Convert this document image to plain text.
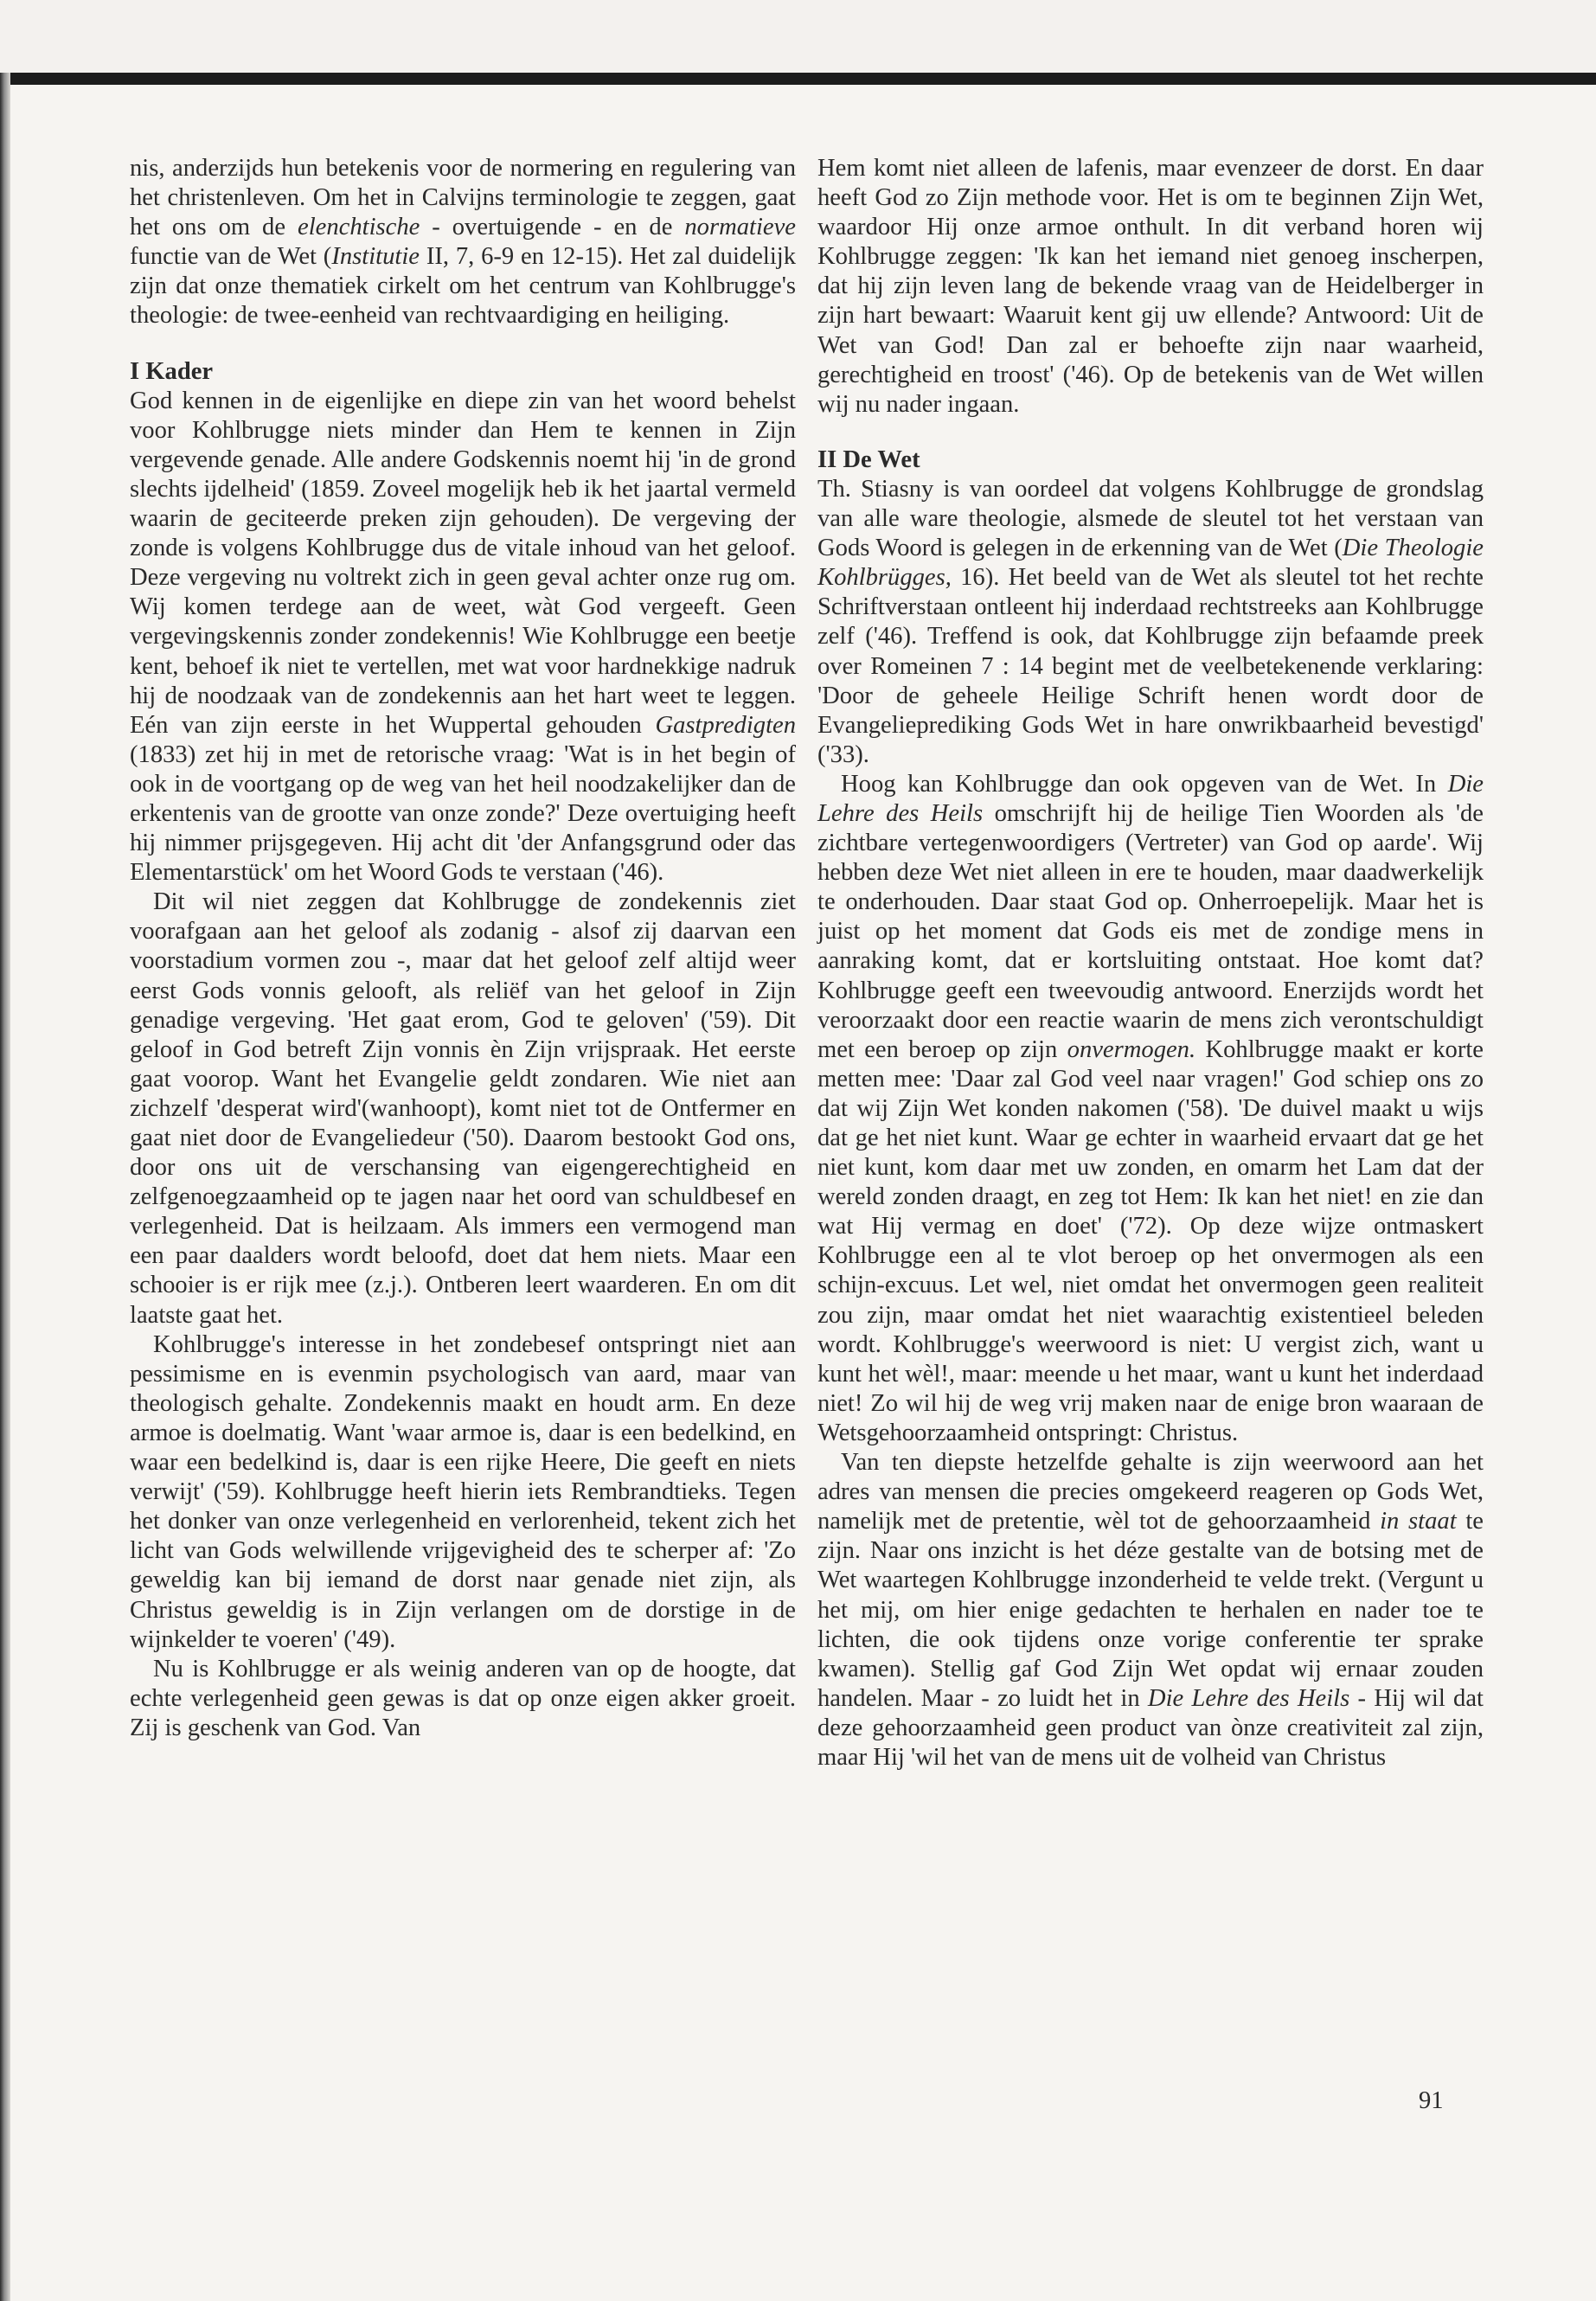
nis, anderzijds hun betekenis voor de normering en regulering van het christenleven. Om het in Calvijns terminologie te zeggen, gaat het ons om de elenchtische - overtuigende - en de normatieve functie van de Wet (Institutie II, 7, 6-9 en 12-15). Het zal duidelijk zijn dat onze thematiek cirkelt om het centrum van Kohlbrugge's theologie: de twee-eenheid van rechtvaardiging en heiliging.

I Kader

God kennen in de eigenlijke en diepe zin van het woord behelst voor Kohlbrugge niets minder dan Hem te kennen in Zijn vergevende genade. Alle andere Godskennis noemt hij 'in de grond slechts ijdelheid' (1859. Zoveel mogelijk heb ik het jaartal vermeld waarin de geciteerde preken zijn gehouden). De vergeving der zonde is volgens Kohlbrugge dus de vitale inhoud van het geloof. Deze vergeving nu voltrekt zich in geen geval achter onze rug om. Wij komen terdege aan de weet, wàt God vergeeft. Geen vergevingskennis zonder zondekennis! Wie Kohlbrugge een beetje kent, behoef ik niet te vertellen, met wat voor hardnekkige nadruk hij de noodzaak van de zondekennis aan het hart weet te leggen. Eén van zijn eerste in het Wuppertal gehouden Gastpredigten (1833) zet hij in met de retorische vraag: 'Wat is in het begin of ook in de voortgang op de weg van het heil noodzakelijker dan de erkentenis van de grootte van onze zonde?' Deze overtuiging heeft hij nimmer prijsgegeven. Hij acht dit 'der Anfangsgrund oder das Elementarstück' om het Woord Gods te verstaan ('46).

Dit wil niet zeggen dat Kohlbrugge de zondekennis ziet voorafgaan aan het geloof als zodanig - alsof zij daarvan een voorstadium vormen zou -, maar dat het geloof zelf altijd weer eerst Gods vonnis gelooft, als reliëf van het geloof in Zijn genadige vergeving. 'Het gaat erom, God te geloven' ('59). Dit geloof in God betreft Zijn vonnis èn Zijn vrijspraak. Het eerste gaat voorop. Want het Evangelie geldt zondaren. Wie niet aan zichzelf 'desperat wird'(wanhoopt), komt niet tot de Ontfermer en gaat niet door de Evangeliedeur ('50). Daarom bestookt God ons, door ons uit de verschansing van eigengerechtigheid en zelfgenoegzaamheid op te jagen naar het oord van schuldbesef en verlegenheid. Dat is heilzaam. Als immers een vermogend man een paar daalders wordt beloofd, doet dat hem niets. Maar een schooier is er rijk mee (z.j.). Ontberen leert waarderen. En om dit laatste gaat het.

Kohlbrugge's interesse in het zondebesef ontspringt niet aan pessimisme en is evenmin psychologisch van aard, maar van theologisch gehalte. Zondekennis maakt en houdt arm. En deze armoe is doelmatig. Want 'waar armoe is, daar is een bedelkind, en waar een bedelkind is, daar is een rijke Heere, Die geeft en niets verwijt' ('59). Kohlbrugge heeft hierin iets Rembrandtieks. Tegen het donker van onze verlegenheid en verlorenheid, tekent zich het licht van Gods welwillende vrijgevigheid des te scherper af: 'Zo geweldig kan bij iemand de dorst naar genade niet zijn, als Christus geweldig is in Zijn verlangen om de dorstige in de wijnkelder te voeren' ('49).

Nu is Kohlbrugge er als weinig anderen van op de hoogte, dat echte verlegenheid geen gewas is dat op onze eigen akker groeit. Zij is geschenk van God. Van

Hem komt niet alleen de lafenis, maar evenzeer de dorst. En daar heeft God zo Zijn methode voor. Het is om te beginnen Zijn Wet, waardoor Hij onze armoe onthult. In dit verband horen wij Kohlbrugge zeggen: 'Ik kan het iemand niet genoeg inscherpen, dat hij zijn leven lang de bekende vraag van de Heidelberger in zijn hart bewaart: Waaruit kent gij uw ellende? Antwoord: Uit de Wet van God! Dan zal er behoefte zijn naar waarheid, gerechtigheid en troost' ('46). Op de betekenis van de Wet willen wij nu nader ingaan.

II De Wet

Th. Stiasny is van oordeel dat volgens Kohlbrugge de grondslag van alle ware theologie, alsmede de sleutel tot het verstaan van Gods Woord is gelegen in de erkenning van de Wet (Die Theologie Kohlbrügges, 16). Het beeld van de Wet als sleutel tot het rechte Schriftverstaan ontleent hij inderdaad rechtstreeks aan Kohlbrugge zelf ('46). Treffend is ook, dat Kohlbrugge zijn befaamde preek over Romeinen 7 : 14 begint met de veelbetekenende verklaring: 'Door de geheele Heilige Schrift henen wordt door de Evangelieprediking Gods Wet in hare onwrikbaarheid bevestigd' ('33).

Hoog kan Kohlbrugge dan ook opgeven van de Wet. In Die Lehre des Heils omschrijft hij de heilige Tien Woorden als 'de zichtbare vertegenwoordigers (Vertreter) van God op aarde'. Wij hebben deze Wet niet alleen in ere te houden, maar daadwerkelijk te onderhouden. Daar staat God op. Onherroepelijk. Maar het is juist op het moment dat Gods eis met de zondige mens in aanraking komt, dat er kortsluiting ontstaat. Hoe komt dat? Kohlbrugge geeft een tweevoudig antwoord. Enerzijds wordt het veroorzaakt door een reactie waarin de mens zich verontschuldigt met een beroep op zijn onvermogen. Kohlbrugge maakt er korte metten mee: 'Daar zal God veel naar vragen!' God schiep ons zo dat wij Zijn Wet konden nakomen ('58). 'De duivel maakt u wijs dat ge het niet kunt. Waar ge echter in waarheid ervaart dat ge het niet kunt, kom daar met uw zonden, en omarm het Lam dat der wereld zonden draagt, en zeg tot Hem: Ik kan het niet! en zie dan wat Hij vermag en doet' ('72). Op deze wijze ontmaskert Kohlbrugge een al te vlot beroep op het onvermogen als een schijn-excuus. Let wel, niet omdat het onvermogen geen realiteit zou zijn, maar omdat het niet waarachtig existentieel beleden wordt. Kohlbrugge's weerwoord is niet: U vergist zich, want u kunt het wèl!, maar: meende u het maar, want u kunt het inderdaad niet! Zo wil hij de weg vrij maken naar de enige bron waaraan de Wetsgehoorzaamheid ontspringt: Christus.

Van ten diepste hetzelfde gehalte is zijn weerwoord aan het adres van mensen die precies omgekeerd reageren op Gods Wet, namelijk met de pretentie, wèl tot de gehoorzaamheid in staat te zijn. Naar ons inzicht is het déze gestalte van de botsing met de Wet waartegen Kohlbrugge inzonderheid te velde trekt. (Vergunt u het mij, om hier enige gedachten te herhalen en nader toe te lichten, die ook tijdens onze vorige conferentie ter sprake kwamen). Stellig gaf God Zijn Wet opdat wij ernaar zouden handelen. Maar - zo luidt het in Die Lehre des Heils - Hij wil dat deze gehoorzaamheid geen product van ònze creativiteit zal zijn, maar Hij 'wil het van de mens uit de volheid van Christus

91
